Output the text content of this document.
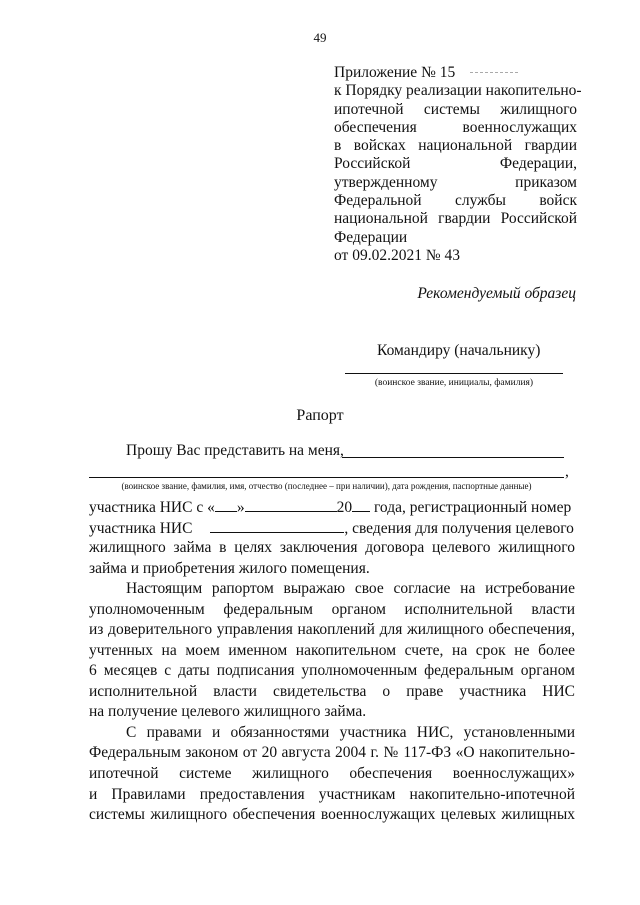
49
Приложение № 15
к Порядку реализации накопительно-
ипотечной системы жилищного
обеспечения военнослужащих
в войсках национальной гвардии
Российской Федерации,
утвержденному приказом
Федеральной службы войск
национальной гвардии Российской
Федерации
от 09.02.2021 № 43
Рекомендуемый образец
Командиру (начальнику)
(воинское звание, инициалы, фамилия)
Рапорт
Прошу Вас представить на меня,
,
(воинское звание, фамилия, имя, отчество (последнее – при наличии), дата рождения, паспортные данные)
участника НИС с « »	20 года, регистрационный номер
участника НИС	, сведения для получения целевого
жилищного займа в целях заключения договора целевого жилищного
займа и приобретения жилого помещения.
Настоящим рапортом выражаю свое согласие на истребование
уполномоченным федеральным органом исполнительной власти
из доверительного управления накоплений для жилищного обеспечения,
учтенных на моем именном накопительном счете, на срок не более
6 месяцев с даты подписания уполномоченным федеральным органом
исполнительной власти свидетельства о праве участника НИС
на получение целевого жилищного займа.
С правами и обязанностями участника НИС, установленными
Федеральным законом от 20 августа 2004 г. № 117-ФЗ «О накопительно-
ипотечной системе жилищного обеспечения военнослужащих»
и Правилами предоставления участникам накопительно-ипотечной
системы жилищного обеспечения военнослужащих целевых жилищных
